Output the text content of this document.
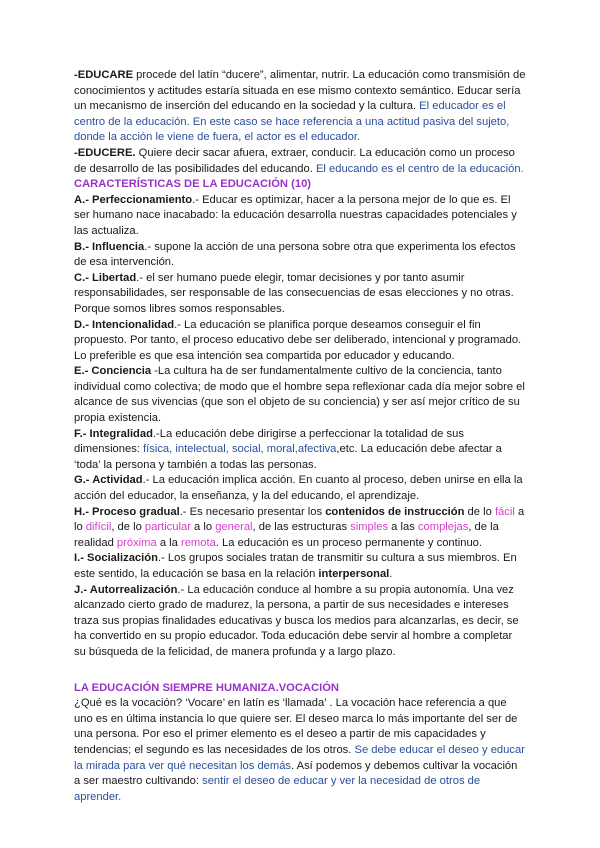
-EDUCARE procede del latín “ducere”, alimentar, nutrir. La educación como transmisión de conocimientos y actitudes estaría situada en ese mismo contexto semántico. Educar sería un mecanismo de inserción del educando en la sociedad y la cultura. El educador es el centro de la educación. En este caso se hace referencia a una actitud pasiva del sujeto, donde la acción le viene de fuera, el actor es el educador.

-EDUCERE. Quiere decir sacar afuera, extraer, conducir. La educación como un proceso de desarrollo de las posibilidades del educando. El educando es el centro de la educación.

CARACTERÍSTICAS DE LA EDUCACIÓN (10)

A.- Perfeccionamiento.- Educar es optimizar, hacer a la persona mejor de lo que es. El ser humano nace inacabado: la educación desarrolla nuestras capacidades potenciales y las actualiza.

B.- Influencia.- supone la acción de una persona sobre otra que experimenta los efectos de esa intervención.

C.- Libertad.- el ser humano puede elegir, tomar decisiones y por tanto asumir responsabilidades, ser responsable de las consecuencias de esas elecciones y no otras. Porque somos libres somos responsables.

D.- Intencionalidad.- La educación se planifica porque deseamos conseguir el fin propuesto. Por tanto, el proceso educativo debe ser deliberado, intencional y programado. Lo preferible es que esa intención sea compartida por educador y educando.

E.- Conciencia -La cultura ha de ser fundamentalmente cultivo de la conciencia, tanto individual como colectiva; de modo que el hombre sepa reflexionar cada día mejor sobre el alcance de sus vivencias (que son el objeto de su conciencia) y ser así mejor crítico de su propia existencia.

F.- Integralidad.-La educación debe dirigirse a perfeccionar la totalidad de sus dimensiones: física, intelectual, social, moral,afectiva,etc. La educación debe afectar a ‘toda’ la persona y también a todas las personas.

G.- Actividad.- La educación implica acción. En cuanto al proceso, deben unirse en ella la acción del educador, la enseñanza, y la del educando, el aprendizaje.

H.- Proceso gradual.- Es necesario presentar los contenidos de instrucción de lo fácil a lo difícil, de lo particular a lo general, de las estructuras simples a las complejas, de la realidad próxima a la remota. La educación es un proceso permanente y continuo.

I.- Socialización.- Los grupos sociales tratan de transmitir su cultura a sus miembros. En este sentido, la educación se basa en la relación interpersonal.

J.- Autorrealización.- La educación conduce al hombre a su propia autonomía. Una vez alcanzado cierto grado de madurez, la persona, a partir de sus necesidades e intereses traza sus propias finalidades educativas y busca los medios para alcanzarlas, es decir, se ha convertido en su propio educador. Toda educación debe servir al hombre a completar su búsqueda de la felicidad, de manera profunda y a largo plazo.

LA EDUCACIÓN SIEMPRE HUMANIZA.VOCACIÓN

¿Qué es la vocación? ‘Vocare’ en latín es ‘llamada’ . La vocación hace referencia a que uno es en última instancia lo que quiere ser. El deseo marca lo más importante del ser de una persona. Por eso el primer elemento es el deseo a partir de mis capacidades y tendencias; el segundo es las necesidades de los otros. Se debe educar el deseo y educar la mirada para ver qué necesitan los demás. Así podemos y debemos cultivar la vocación a ser maestro cultivando: sentir el deseo de educar y ver la necesidad de otros de aprender.
